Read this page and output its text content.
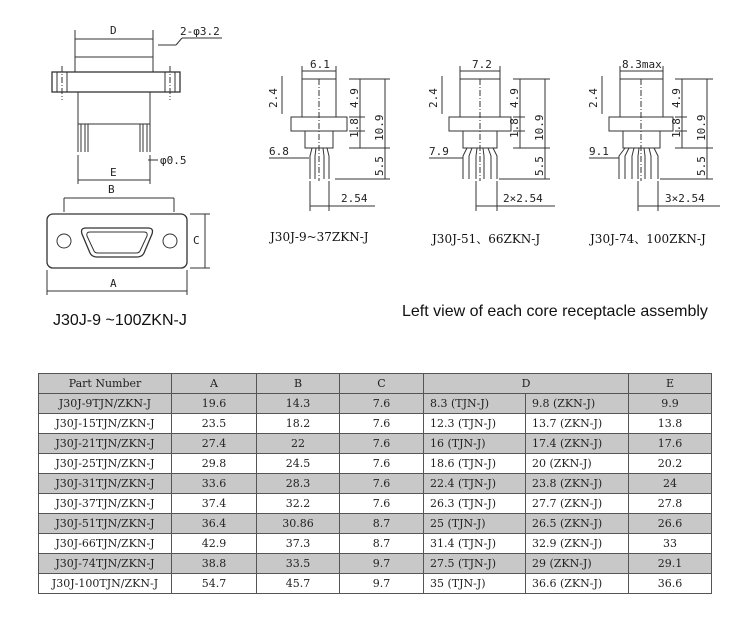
D	2-φ3.2
φ0.5
E
B
C
A
6.1
2.4
6.8
4.9
1.8 10.9
5.5
2.54
7.2
2.4
7.9
4.9
1.8 10.9
5.5
2×2.54
8.3max
2.4
9.1
4.9
1.8 10.9
5.5
3×2.54
J30J-9~37ZKN-J	J30J-51、66ZKN-J	J30J-74、100ZKN-J
J30J-9 ~100ZKN-J
Left view of each core receptacle assembly
Part Number	A	B	C	D		E
J30J-9TJN/ZKN-J	19.6	14.3	7.6	8.3 (TJN-J)	9.8 (ZKN-J)	9.9
J30J-15TJN/ZKN-J	23.5	18.2	7.6	12.3 (TJN-J)	13.7 (ZKN-J)	13.8
J30J-21TJN/ZKN-J	27.4	22	7.6	16 (TJN-J)	17.4 (ZKN-J)	17.6
J30J-25TJN/ZKN-J	29.8	24.5	7.6	18.6 (TJN-J)	20 (ZKN-J)	20.2
J30J-31TJN/ZKN-J	33.6	28.3	7.6	22.4 (TJN-J)	23.8 (ZKN-J)	24
J30J-37TJN/ZKN-J	37.4	32.2	7.6	26.3 (TJN-J)	27.7 (ZKN-J)	27.8
J30J-51TJN/ZKN-J	36.4	30.86	8.7	25 (TJN-J)	26.5 (ZKN-J)	26.6
J30J-66TJN/ZKN-J	42.9	37.3	8.7	31.4 (TJN-J)	32.9 (ZKN-J)	33
J30J-74TJN/ZKN-J	38.8	33.5	9.7	27.5 (TJN-J)	29 (ZKN-J)	29.1
J30J-100TJN/ZKN-J	54.7	45.7	9.7	35 (TJN-J)	36.6 (ZKN-J)	36.6
